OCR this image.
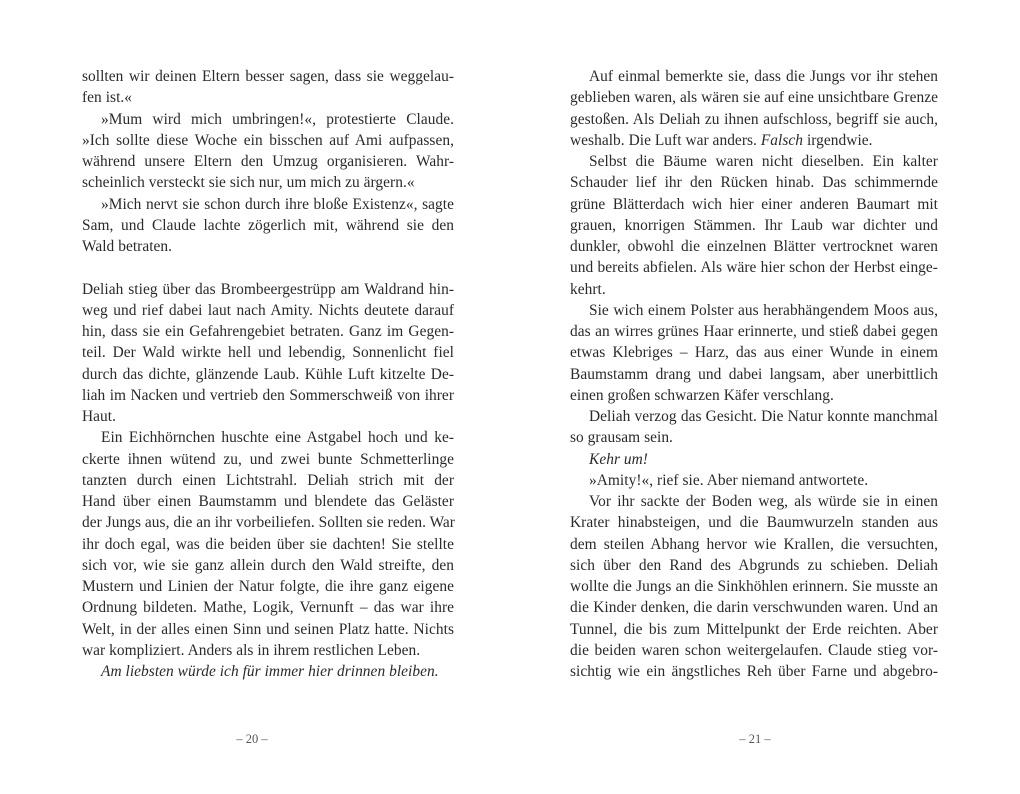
sollten wir deinen Eltern besser sagen, dass sie weggelau-
fen ist.«
»Mum wird mich umbringen!«, protestierte Claude.
»Ich sollte diese Woche ein bisschen auf Ami aufpassen,
während unsere Eltern den Umzug organisieren. Wahr-
scheinlich versteckt sie sich nur, um mich zu ärgern.«
»Mich nervt sie schon durch ihre bloße Existenz«, sagte
Sam, und Claude lachte zögerlich mit, während sie den
Wald betraten.
Deliah stieg über das Brombeergestrüpp am Waldrand hin-
weg und rief dabei laut nach Amity. Nichts deutete darauf
hin, dass sie ein Gefahrengebiet betraten. Ganz im Gegen-
teil. Der Wald wirkte hell und lebendig, Sonnenlicht fiel
durch das dichte, glänzende Laub. Kühle Luft kitzelte De-
liah im Nacken und vertrieb den Sommerschweiß von ihrer
Haut.
Ein Eichhörnchen huschte eine Astgabel hoch und ke-
ckerte ihnen wütend zu, und zwei bunte Schmetterlinge
tanzten durch einen Lichtstrahl. Deliah strich mit der
Hand über einen Baumstamm und blendete das Geläster
der Jungs aus, die an ihr vorbeiliefen. Sollten sie reden. War
ihr doch egal, was die beiden über sie dachten! Sie stellte
sich vor, wie sie ganz allein durch den Wald streifte, den
Mustern und Linien der Natur folgte, die ihre ganz eigene
Ordnung bildeten. Mathe, Logik, Vernunft – das war ihre
Welt, in der alles einen Sinn und seinen Platz hatte. Nichts
war kompliziert. Anders als in ihrem restlichen Leben.
Am liebsten würde ich für immer hier drinnen bleiben.
– 20 –
Auf einmal bemerkte sie, dass die Jungs vor ihr stehen
geblieben waren, als wären sie auf eine unsichtbare Grenze
gestoßen. Als Deliah zu ihnen aufschloss, begriff sie auch,
weshalb. Die Luft war anders. Falsch irgendwie.
Selbst die Bäume waren nicht dieselben. Ein kalter
Schauder lief ihr den Rücken hinab. Das schimmernde
grüne Blätterdach wich hier einer anderen Baumart mit
grauen, knorrigen Stämmen. Ihr Laub war dichter und
dunkler, obwohl die einzelnen Blätter vertrocknet waren
und bereits abfielen. Als wäre hier schon der Herbst einge-
kehrt.
Sie wich einem Polster aus herabhängendem Moos aus,
das an wirres grünes Haar erinnerte, und stieß dabei gegen
etwas Klebriges – Harz, das aus einer Wunde in einem
Baumstamm drang und dabei langsam, aber unerbittlich
einen großen schwarzen Käfer verschlang.
Deliah verzog das Gesicht. Die Natur konnte manchmal
so grausam sein.
Kehr um!
»Amity!«, rief sie. Aber niemand antwortete.
Vor ihr sackte der Boden weg, als würde sie in einen
Krater hinabsteigen, und die Baumwurzeln standen aus
dem steilen Abhang hervor wie Krallen, die versuchten,
sich über den Rand des Abgrunds zu schieben. Deliah
wollte die Jungs an die Sinkhöhlen erinnern. Sie musste an
die Kinder denken, die darin verschwunden waren. Und an
Tunnel, die bis zum Mittelpunkt der Erde reichten. Aber
die beiden waren schon weitergelaufen. Claude stieg vor-
sichtig wie ein ängstliches Reh über Farne und abgebro-
– 21 –
